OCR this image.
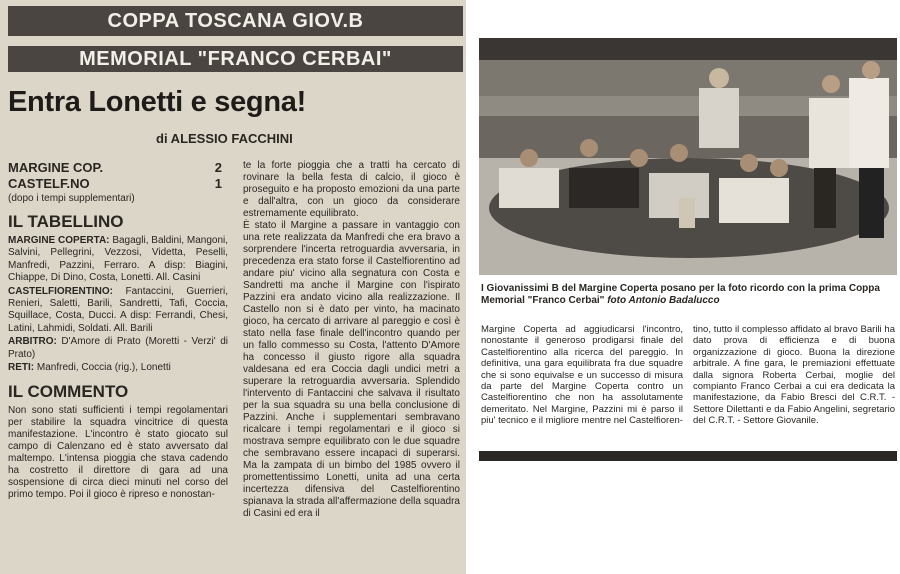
COPPA TOSCANA GIOV.B
MEMORIAL "FRANCO CERBAI"
Entra Lonetti e segna!
di ALESSIO FACCHINI
MARGINE COP.	2
CASTELF.NO	1
(dopo i tempi supplementari)
IL TABELLINO
MARGINE COPERTA: Bagagli, Baldini, Mangoni, Salvini, Pellegrini, Vezzosi, Videtta, Peselli, Manfredi, Pazzini, Ferraro. A disp: Biagini, Chiappe, Di Dino, Costa, Lonetti. All. Casini
CASTELFIORENTINO: Fantaccini, Guerrieri, Renieri, Saletti, Barili, Sandretti, Tafi, Coccia, Squillace, Costa, Ducci. A disp: Ferrandi, Chesi, Latini, Lahmidi, Soldati. All. Barili
ARBITRO: D'Amore di Prato (Moretti - Verzi' di Prato)
RETI: Manfredi, Coccia (rig.), Lonetti
IL COMMENTO
Non sono stati sufficienti i tempi regolamentari per stabilire la squadra vincitrice di questa manifestazione. L'incontro è stato giocato sul campo di Calenzano ed è stato avversato dal maltempo. L'intensa pioggia che stava cadendo ha costretto il direttore di gara ad una sospensione di circa dieci minuti nel corso del primo tempo. Poi il gioco è ripreso e nonostan-

te la forte pioggia che a tratti ha cercato di rovinare la bella festa di calcio, il gioco è proseguito e ha proposto emozioni da una parte e dall'altra, con un gioco da considerare estremamente equilibrato.

È stato il Margine a passare in vantaggio con una rete realizzata da Manfredi che era bravo a sorprendere l'incerta retroguardia avversaria, in precedenza era stato forse il Castelfiorentino ad andare piu' vicino alla segnatura con Costa e Sandretti ma anche il Margine con l'ispirato Pazzini era andato vicino alla realizzazione. Il Castello non si è dato per vinto, ha macinato gioco, ha cercato di arrivare al pareggio e così è stato nella fase finale dell'incontro quando per un fallo commesso su Costa, l'attento D'Amore ha concesso il giusto rigore alla squadra valdesana ed era Coccia dagli undici metri a superare la retroguardia avversaria. Splendido l'intervento di Fantaccini che salvava il risultato per la sua squadra su una bella conclusione di Pazzini. Anche i supplementari sembravano ricalcare i tempi regolamentari e il gioco si mostrava sempre equilibrato con le due squadre che sembravano essere incapaci di superarsi. Ma la zampata di un bimbo del 1985 ovvero il promettentissimo Lonetti, unita ad una certa incertezza difensiva del Castelfiorentino spianava la strada all'affermazione della squadra di Casini ed era il

I Giovanissimi B del Margine Coperta posano per la foto ricordo con la prima Coppa Memorial "Franco Cerbai" foto Antonio Badalucco
Margine Coperta ad aggiudicarsi l'incontro, nonostante il generoso prodigarsi finale del Castelfiorentino alla ricerca del pareggio. In definitiva, una gara equilibrata fra due squadre che si sono equivalse e un successo di misura da parte del Margine Coperta contro un Castelfiorentino che non ha assolutamente demeritato. Nel Margine, Pazzini mi è parso il piu' tecnico e il migliore mentre nel Castelfioren-
tino, tutto il complesso affidato al bravo Barili ha dato prova di efficienza e di buona organizzazione di gioco. Buona la direzione arbitrale. A fine gara, le premiazioni effettuate dalla signora Roberta Cerbai, moglie del compianto Franco Cerbai a cui era dedicata la manifestazione, da Fabio Bresci del C.R.T. - Settore Dilettanti e da Fabio Angelini, segretario del C.R.T. - Settore Giovanile.
